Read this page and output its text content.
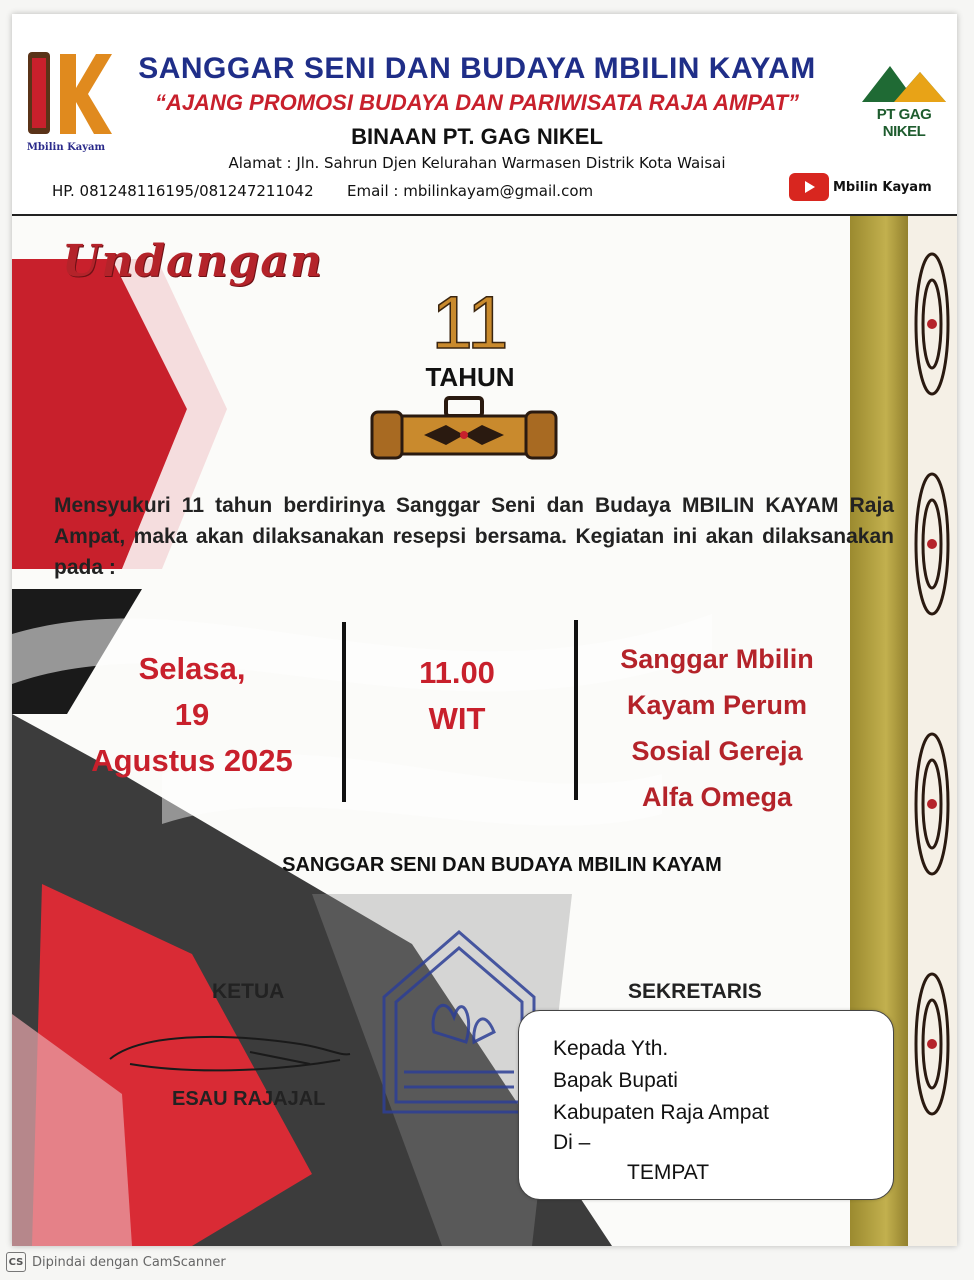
Mbilin Kayam
SANGGAR SENI DAN BUDAYA MBILIN KAYAM
“AJANG PROMOSI BUDAYA DAN PARIWISATA RAJA AMPAT”
BINAAN PT. GAG NIKEL
Alamat : Jln. Sahrun Djen Kelurahan Warmasen Distrik Kota Waisai
HP. 081248116195/081247211042 Email : mbilinkayam@gmail.com
PT GAG NIKEL
Mbilin Kayam
Undangan
11
TAHUN
Mensyukuri 11 tahun berdirinya Sanggar Seni dan Budaya MBILIN KAYAM Raja Ampat, maka akan dilaksanakan resepsi bersama. Kegiatan ini akan dilaksanakan pada :
Selasa,
19
Agustus 2025
11.00
WIT
Sanggar Mbilin
Kayam Perum
Sosial Gereja
Alfa Omega
SANGGAR SENI DAN BUDAYA MBILIN KAYAM
KETUA	SEKRETARIS
ESAU RAJAJAL
Kepada Yth.
Bapak Bupati
Kabupaten Raja Ampat
Di –
TEMPAT
CS Dipindai dengan CamScanner
